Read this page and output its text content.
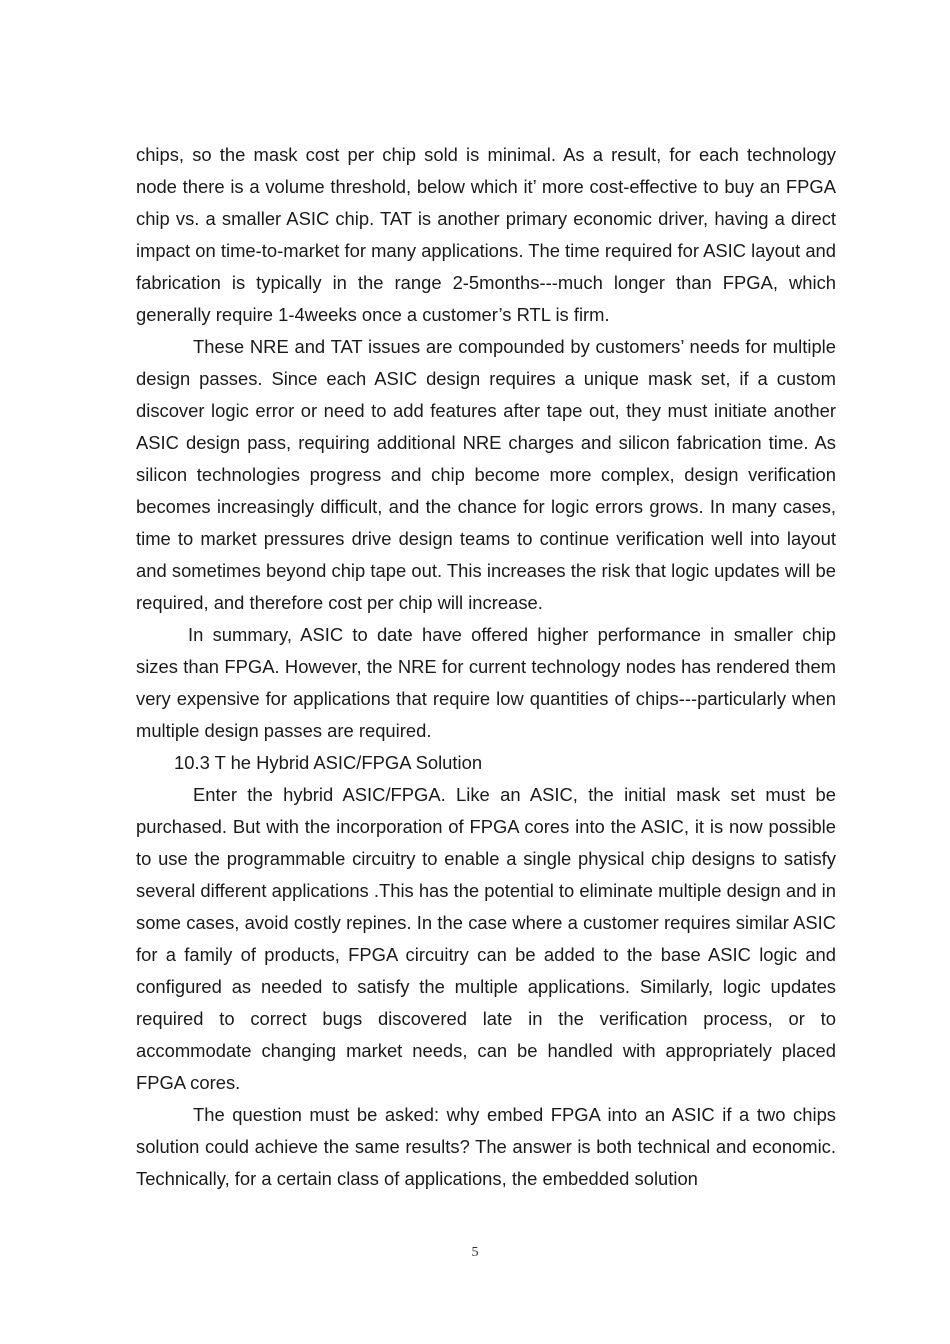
chips, so the mask cost per chip sold is minimal. As a result, for each technology node there is a volume threshold, below which it’ more cost-effective to buy an FPGA chip vs. a smaller ASIC chip. TAT is another primary economic driver, having a direct impact on time-to-market for many applications. The time required for ASIC layout and fabrication is typically in the range 2-5months---much longer than FPGA, which generally require 1-4weeks once a customer’s RTL is firm.

These NRE and TAT issues are compounded by customers’ needs for multiple design passes. Since each ASIC design requires a unique mask set, if a custom discover logic error or need to add features after tape out, they must initiate another ASIC design pass, requiring additional NRE charges and silicon fabrication time. As silicon technologies progress and chip become more complex, design verification becomes increasingly difficult, and the chance for logic errors grows. In many cases, time to market pressures drive design teams to continue verification well into layout and sometimes beyond chip tape out. This increases the risk that logic updates will be required, and therefore cost per chip will increase.

In summary, ASIC to date have offered higher performance in smaller chip sizes than FPGA. However, the NRE for current technology nodes has rendered them very expensive for applications that require low quantities of chips---particularly when multiple design passes are required.

10.3 T he Hybrid ASIC/FPGA Solution

Enter the hybrid ASIC/FPGA. Like an ASIC, the initial mask set must be purchased. But with the incorporation of FPGA cores into the ASIC, it is now possible to use the programmable circuitry to enable a single physical chip designs to satisfy several different applications .This has the potential to eliminate multiple design and in some cases, avoid costly repines. In the case where a customer requires similar ASIC for a family of products, FPGA circuitry can be added to the base ASIC logic and configured as needed to satisfy the multiple applications. Similarly, logic updates required to correct bugs discovered late in the verification process, or to accommodate changing market needs, can be handled with appropriately placed FPGA cores.

The question must be asked: why embed FPGA into an ASIC if a two chips solution could achieve the same results? The answer is both technical and economic. Technically, for a certain class of applications, the embedded solution

5
